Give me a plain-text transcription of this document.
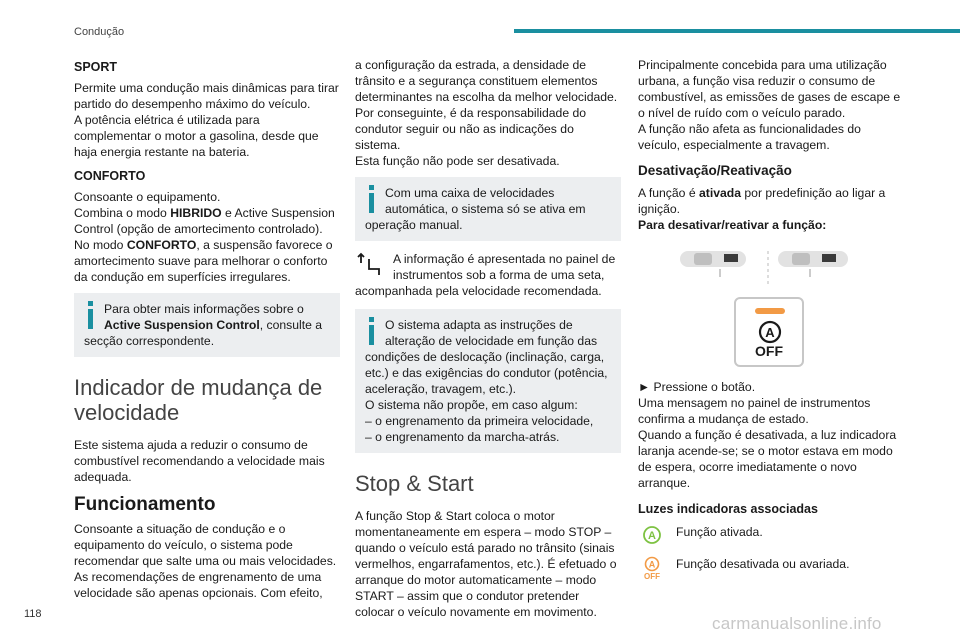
Condução
SPORT
Permite uma condução mais dinâmicas para tirar partido do desempenho máximo do veículo.
A potência elétrica é utilizada para complementar o motor a gasolina, desde que haja energia restante na bateria.
CONFORTO
Consoante o equipamento.
Combina o modo HIBRIDO e Active Suspension Control (opção de amortecimento controlado).
No modo CONFORTO, a suspensão favorece o amortecimento suave para melhorar o conforto da condução em superfícies irregulares.
Para obter mais informações sobre o Active Suspension Control, consulte a secção correspondente.
Indicador de mudança de velocidade
Este sistema ajuda a reduzir o consumo de combustível recomendando a velocidade mais adequada.
Funcionamento
Consoante a situação de condução e o equipamento do veículo, o sistema pode recomendar que salte uma ou mais velocidades. As recomendações de engrenamento de uma velocidade são apenas opcionais. Com efeito,
a configuração da estrada, a densidade de trânsito e a segurança constituem elementos determinantes na escolha da melhor velocidade. Por conseguinte, é da responsabilidade do condutor seguir ou não as indicações do sistema.
Esta função não pode ser desativada.
Com uma caixa de velocidades automática, o sistema só se ativa em operação manual.
A informação é apresentada no painel de instrumentos sob a forma de uma seta, acompanhada pela velocidade recomendada.
O sistema adapta as instruções de alteração de velocidade em função das condições de deslocação (inclinação, carga, etc.) e das exigências do condutor (potência, aceleração, travagem, etc.).
O sistema não propõe, em caso algum:
– o engrenamento da primeira velocidade,
– o engrenamento da marcha-atrás.
Stop & Start
A função Stop & Start coloca o motor momentaneamente em espera – modo STOP – quando o veículo está parado no trânsito (sinais vermelhos, engarrafamentos, etc.). É efetuado o arranque do motor automaticamente – modo START – assim que o condutor pretender colocar o veículo novamente em movimento.
Principalmente concebida para uma utilização urbana, a função visa reduzir o consumo de combustível, as emissões de gases de escape e o nível de ruído com o veículo parado.
A função não afeta as funcionalidades do veículo, especialmente a travagem.
Desativação/Reativação
A função é ativada por predefinição ao ligar a ignição.
Para desativar/reativar a função:
A
OFF
► Pressione o botão.
Uma mensagem no painel de instrumentos confirma a mudança de estado.
Quando a função é desativada, a luz indicadora laranja acende-se; se o motor estava em modo de espera, ocorre imediatamente o novo arranque.
Luzes indicadoras associadas
A Função ativada.
A
OFF
Função desativada ou avariada.
118	carmanualsonline.info
